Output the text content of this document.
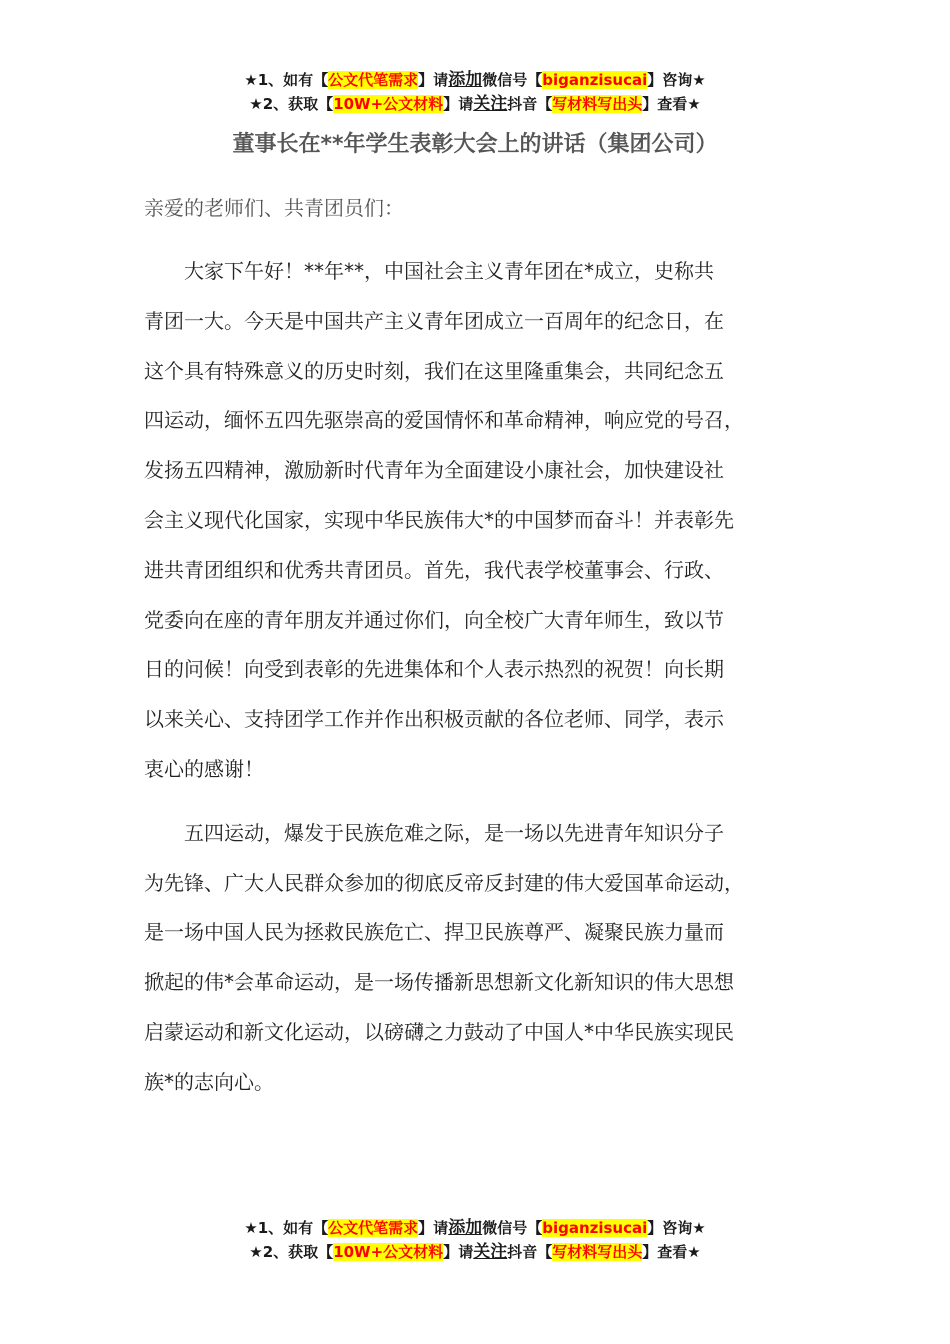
★1、如有【公文代笔需求】请添加微信号【biganzisucai】咨询★
★2、获取【10W+公文材料】请关注抖音【写材料写出头】查看★
董事长在**年学生表彰大会上的讲话（集团公司）
亲爱的老师们、共青团员们：
　　大家下午好！**年**，中国社会主义青年团在*成立，史称共
青团一大。今天是中国共产主义青年团成立一百周年的纪念日，在
这个具有特殊意义的历史时刻，我们在这里隆重集会，共同纪念五
四运动，缅怀五四先驱崇高的爱国情怀和革命精神，响应党的号召，
发扬五四精神，激励新时代青年为全面建设小康社会，加快建设社
会主义现代化国家，实现中华民族伟大*的中国梦而奋斗！并表彰先
进共青团组织和优秀共青团员。首先，我代表学校董事会、行政、
党委向在座的青年朋友并通过你们，向全校广大青年师生，致以节
日的问候！向受到表彰的先进集体和个人表示热烈的祝贺！向长期
以来关心、支持团学工作并作出积极贡献的各位老师、同学，表示
衷心的感谢！
　　五四运动，爆发于民族危难之际，是一场以先进青年知识分子
为先锋、广大人民群众参加的彻底反帝反封建的伟大爱国革命运动，
是一场中国人民为拯救民族危亡、捍卫民族尊严、凝聚民族力量而
掀起的伟*会革命运动，是一场传播新思想新文化新知识的伟大思想
启蒙运动和新文化运动，以磅礴之力鼓动了中国人*中华民族实现民
族*的志向心。
★1、如有【公文代笔需求】请添加微信号【biganzisucai】咨询★
★2、获取【10W+公文材料】请关注抖音【写材料写出头】查看★
